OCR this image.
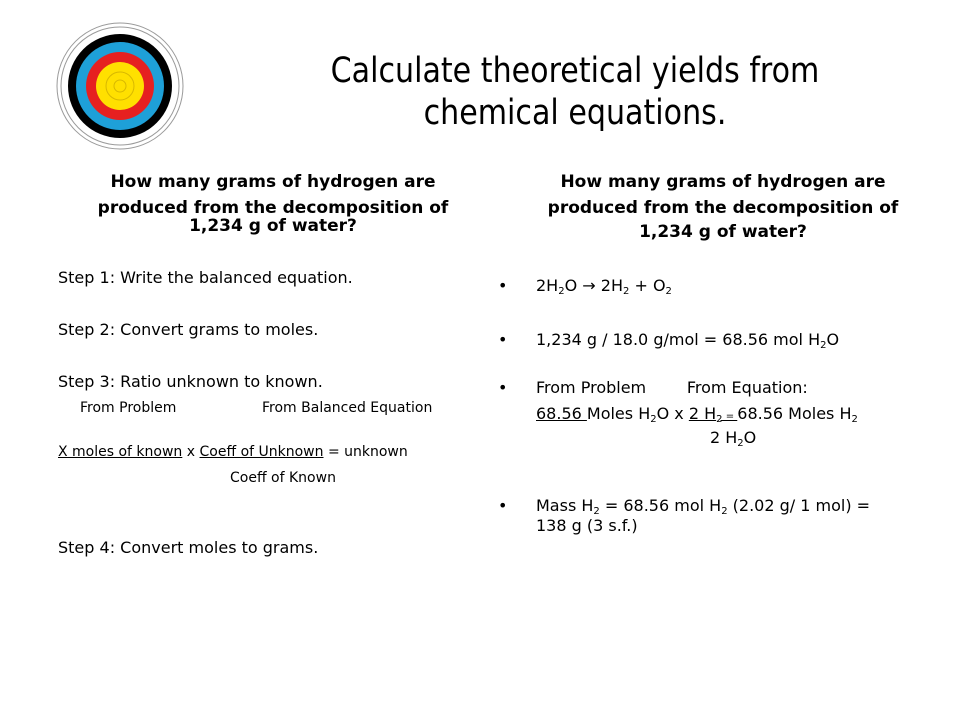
Calculate theoretical yields from
chemical equations.
How many grams of hydrogen are
produced from the decomposition of
1,234 g of water?
Step 1: Write the balanced equation.
Step 2: Convert grams to moles.
Step 3: Ratio unknown to known.
From Problem	From Balanced Equation
X moles of known x Coeff of Unknown = unknown
Coeff of Known
Step 4: Convert moles to grams.
How many grams of hydrogen are
produced from the decomposition of
1,234 g of water?
• $2H_2O \to 2H_2 + O_2$
• 1,234 g / 18.0 g/mol = 68.56 mol $H_2O$
• From Problem        From Equation:
68.56 Moles $H_2O$ x 2 $H_2 = 68.56$ Moles $H_2$
2 $H_2O$
• Mass $H_2 = 68.56$ mol $H_2$ (2.02 g/ 1 mol) =
138 g (3 s.f.)
